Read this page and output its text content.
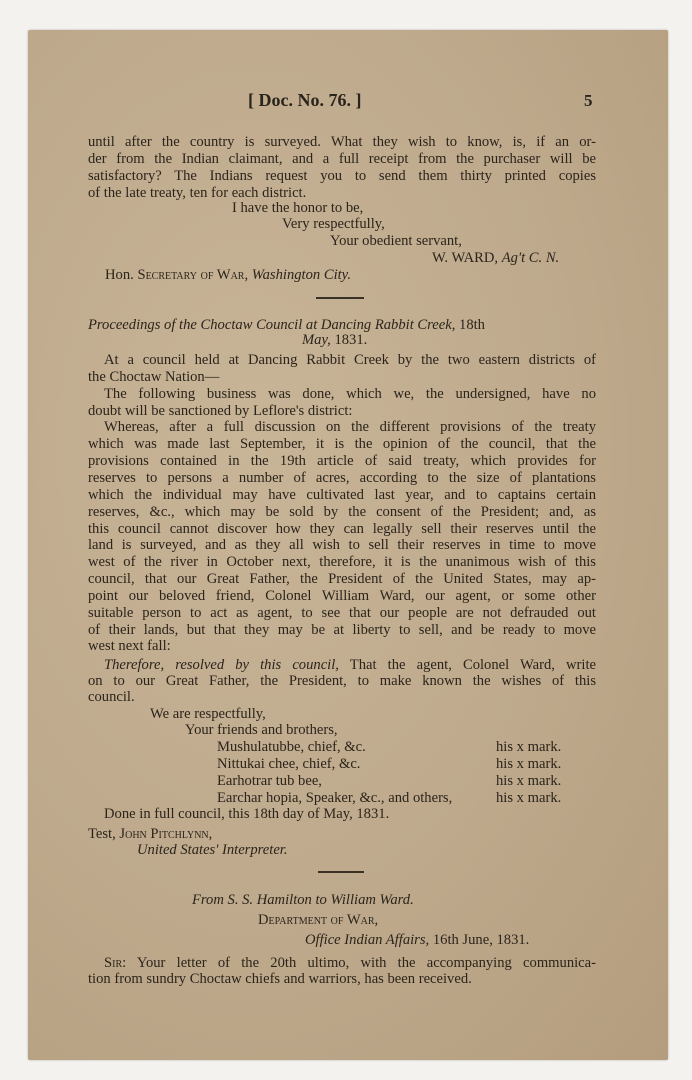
[ Doc. No. 76. ]	5
until after the country is surveyed. What they wish to know, is, if an or-
der from the Indian claimant, and a full receipt from the purchaser will be
satisfactory? The Indians request you to send them thirty printed copies
of the late treaty, ten for each district.
I have the honor to be,
Very respectfully,
Your obedient servant,
W. WARD, Ag't C. N.
Hon. Secretary of War, Washington City.
Proceedings of the Choctaw Council at Dancing Rabbit Creek, 18th
May, 1831.
At a council held at Dancing Rabbit Creek by the two eastern districts of
the Choctaw Nation—
The following business was done, which we, the undersigned, have no
doubt will be sanctioned by Leflore's district:
Whereas, after a full discussion on the different provisions of the treaty
which was made last September, it is the opinion of the council, that the
provisions contained in the 19th article of said treaty, which provides for
reserves to persons a number of acres, according to the size of plantations
which the individual may have cultivated last year, and to captains certain
reserves, &c., which may be sold by the consent of the President; and, as
this council cannot discover how they can legally sell their reserves until the
land is surveyed, and as they all wish to sell their reserves in time to move
west of the river in October next, therefore, it is the unanimous wish of this
council, that our Great Father, the President of the United States, may ap-
point our beloved friend, Colonel William Ward, our agent, or some other
suitable person to act as agent, to see that our people are not defrauded out
of their lands, but that they may be at liberty to sell, and be ready to move
west next fall:
Therefore, resolved by this council, That the agent, Colonel Ward, write
on to our Great Father, the President, to make known the wishes of this
council.
We are respectfully,
Your friends and brothers,
Mushulatubbe, chief, &c.	his x mark.
Nittukai chee, chief, &c.	his x mark.
Earhotrar tub bee,	his x mark.
Earchar hopia, Speaker, &c., and others,	his x mark.
Done in full council, this 18th day of May, 1831.
Test, John Pitchlynn,
United States' Interpreter.
From S. S. Hamilton to William Ward.
Department of War,
Office Indian Affairs, 16th June, 1831.
Sir: Your letter of the 20th ultimo, with the accompanying communica-
tion from sundry Choctaw chiefs and warriors, has been received.
